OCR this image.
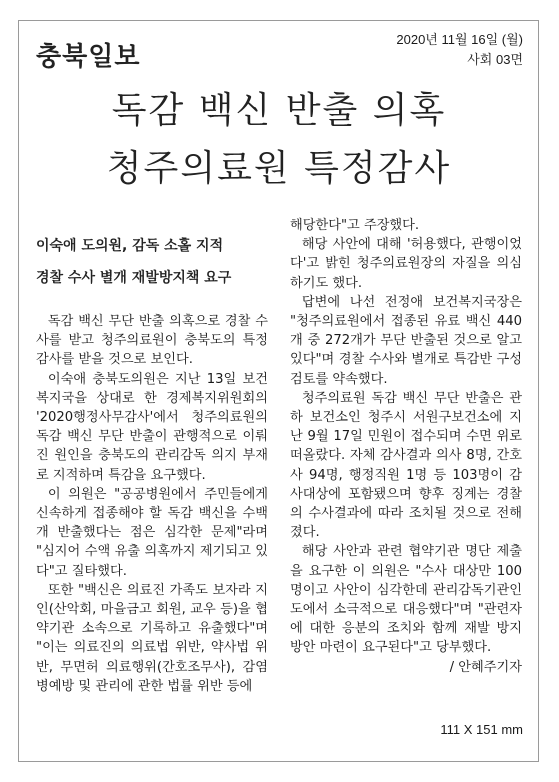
충북일보
2020년 11월 16일 (월)
사회 03면
독감 백신 반출 의혹
청주의료원 특정감사
이숙애 도의원, 감독 소홀 지적
경찰 수사 별개 재발방지책 요구

독감 백신 무단 반출 의혹으로 경찰 수사를 받고 청주의료원이 충북도의 특정감사를 받을 것으로 보인다.

이숙애 충북도의원은 지난 13일 보건복지국을 상대로 한 경제복지위원회의 '2020행정사무감사'에서 청주의료원의 독감 백신 무단 반출이 관행적으로 이뤄진 원인을 충북도의 관리감독 의지 부재로 지적하며 특감을 요구했다.

이 의원은 "공공병원에서 주민들에게 신속하게 접종해야 할 독감 백신을 수백개 반출했다는 점은 심각한 문제"라며 "심지어 수액 유출 의혹까지 제기되고 있다"고 질타했다.

또한 "백신은 의료진 가족도 보자라 지인(산악회, 마을금고 회원, 교우 등)을 협약기관 소속으로 기록하고 유출했다"며 "이는 의료진의 의료법 위반, 약사법 위반, 무면허 의료행위(간호조무사), 감염병예방 및 관리에 관한 법률 위반 등에

해당한다"고 주장했다.

해당 사안에 대해 '허용했다, 관행이었다'고 밝힌 청주의료원장의 자질을 의심하기도 했다.

답변에 나선 전정애 보건복지국장은 "청주의료원에서 접종된 유료 백신 440개 중 272개가 무단 반출된 것으로 알고 있다"며 경찰 수사와 별개로 특감반 구성 검토를 약속했다.

청주의료원 독감 백신 무단 반출은 관하 보건소인 청주시 서원구보건소에 지난 9월 17일 민원이 접수되며 수면 위로 떠올랐다. 자체 감사결과 의사 8명, 간호사 94명, 행정직원 1명 등 103명이 감사대상에 포함됐으며 향후 징계는 경찰의 수사결과에 따라 조치될 것으로 전해졌다.

해당 사안과 관련 협약기관 명단 제출을 요구한 이 의원은 "수사 대상만 100명이고 사안이 심각한데 관리감독기관인 도에서 소극적으로 대응했다"며 "관련자에 대한 응분의 조치와 함께 재발 방지 방안 마련이 요구된다"고 당부했다.

/ 안혜주기자

111 X 151 mm
